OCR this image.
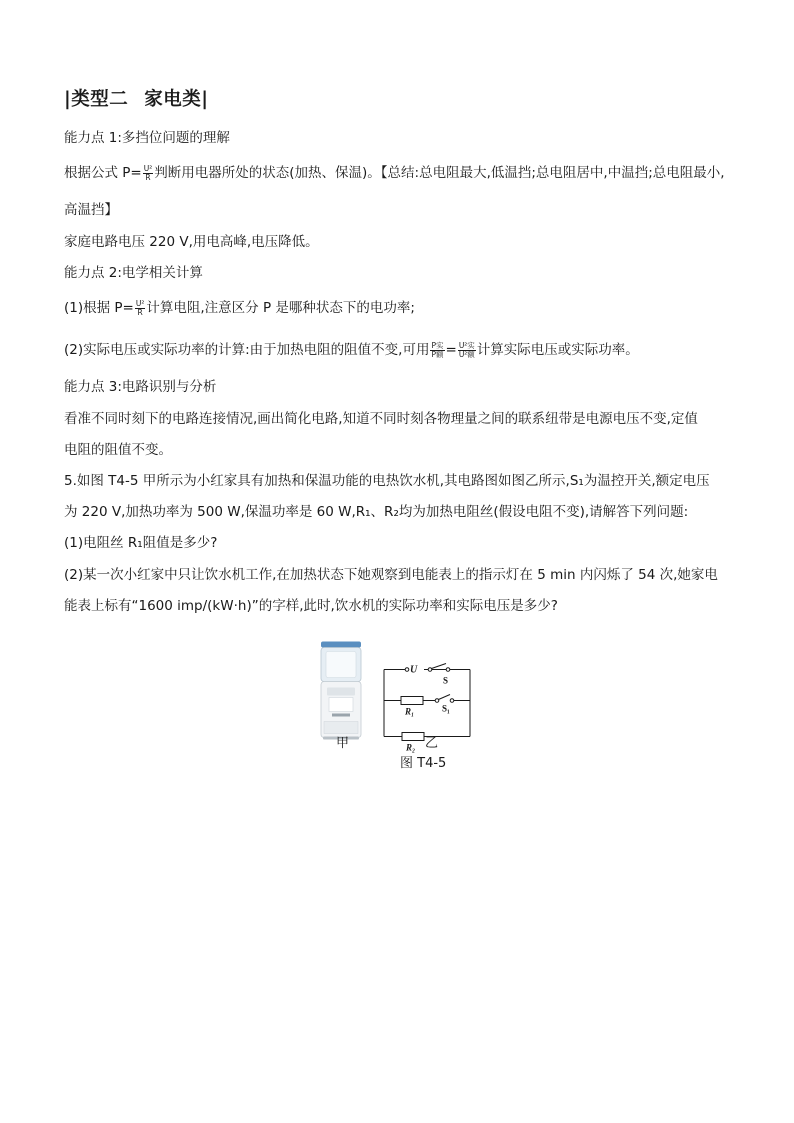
|类型二 家电类|
能力点 1:多挡位问题的理解
根据公式 $P= \frac{\text{U²}}{R}$ 判断用电器所处的状态(加热、保温)。【总结:总电阻最大,低温挡;总电阻居中,中温挡;总电阻最小,
高温挡】
家庭电路电压 220 V,用电高峰,电压降低。
能力点 2:电学相关计算
(1)根据 $P= \frac{\text{U²}}{R}$ 计算电阻,注意区分 P 是哪种状态下的电功率;
(2)实际电压或实际功率的计算:由于加热电阻的阻值不变,可用 $\frac{\text{P实}}{\text{P额}} = \frac{\text{U²实}}{\text{U²额}}$ 计算实际电压或实际功率。
能力点 3:电路识别与分析
看准不同时刻下的电路连接情况,画出简化电路,知道不同时刻各物理量之间的联系纽带是电源电压不变,定值
电阻的阻值不变。
5.如图 T4-5 甲所示为小红家具有加热和保温功能的电热饮水机,其电路图如图乙所示,S₁为温控开关,额定电压
为 220 V,加热功率为 500 W,保温功率是 60 W,R₁、R₂均为加热电阻丝(假设电阻不变),请解答下列问题:
(1)电阻丝 R₁阻值是多少?
(2)某一次小红家中只让饮水机工作,在加热状态下她观察到电能表上的指示灯在 5 min 内闪烁了 54 次,她家电
能表上标有“1600 imp/(kW·h)”的字样,此时,饮水机的实际功率和实际电压是多少?
U
S
R₁	S₁
R₂
甲	乙
图 T4-5
